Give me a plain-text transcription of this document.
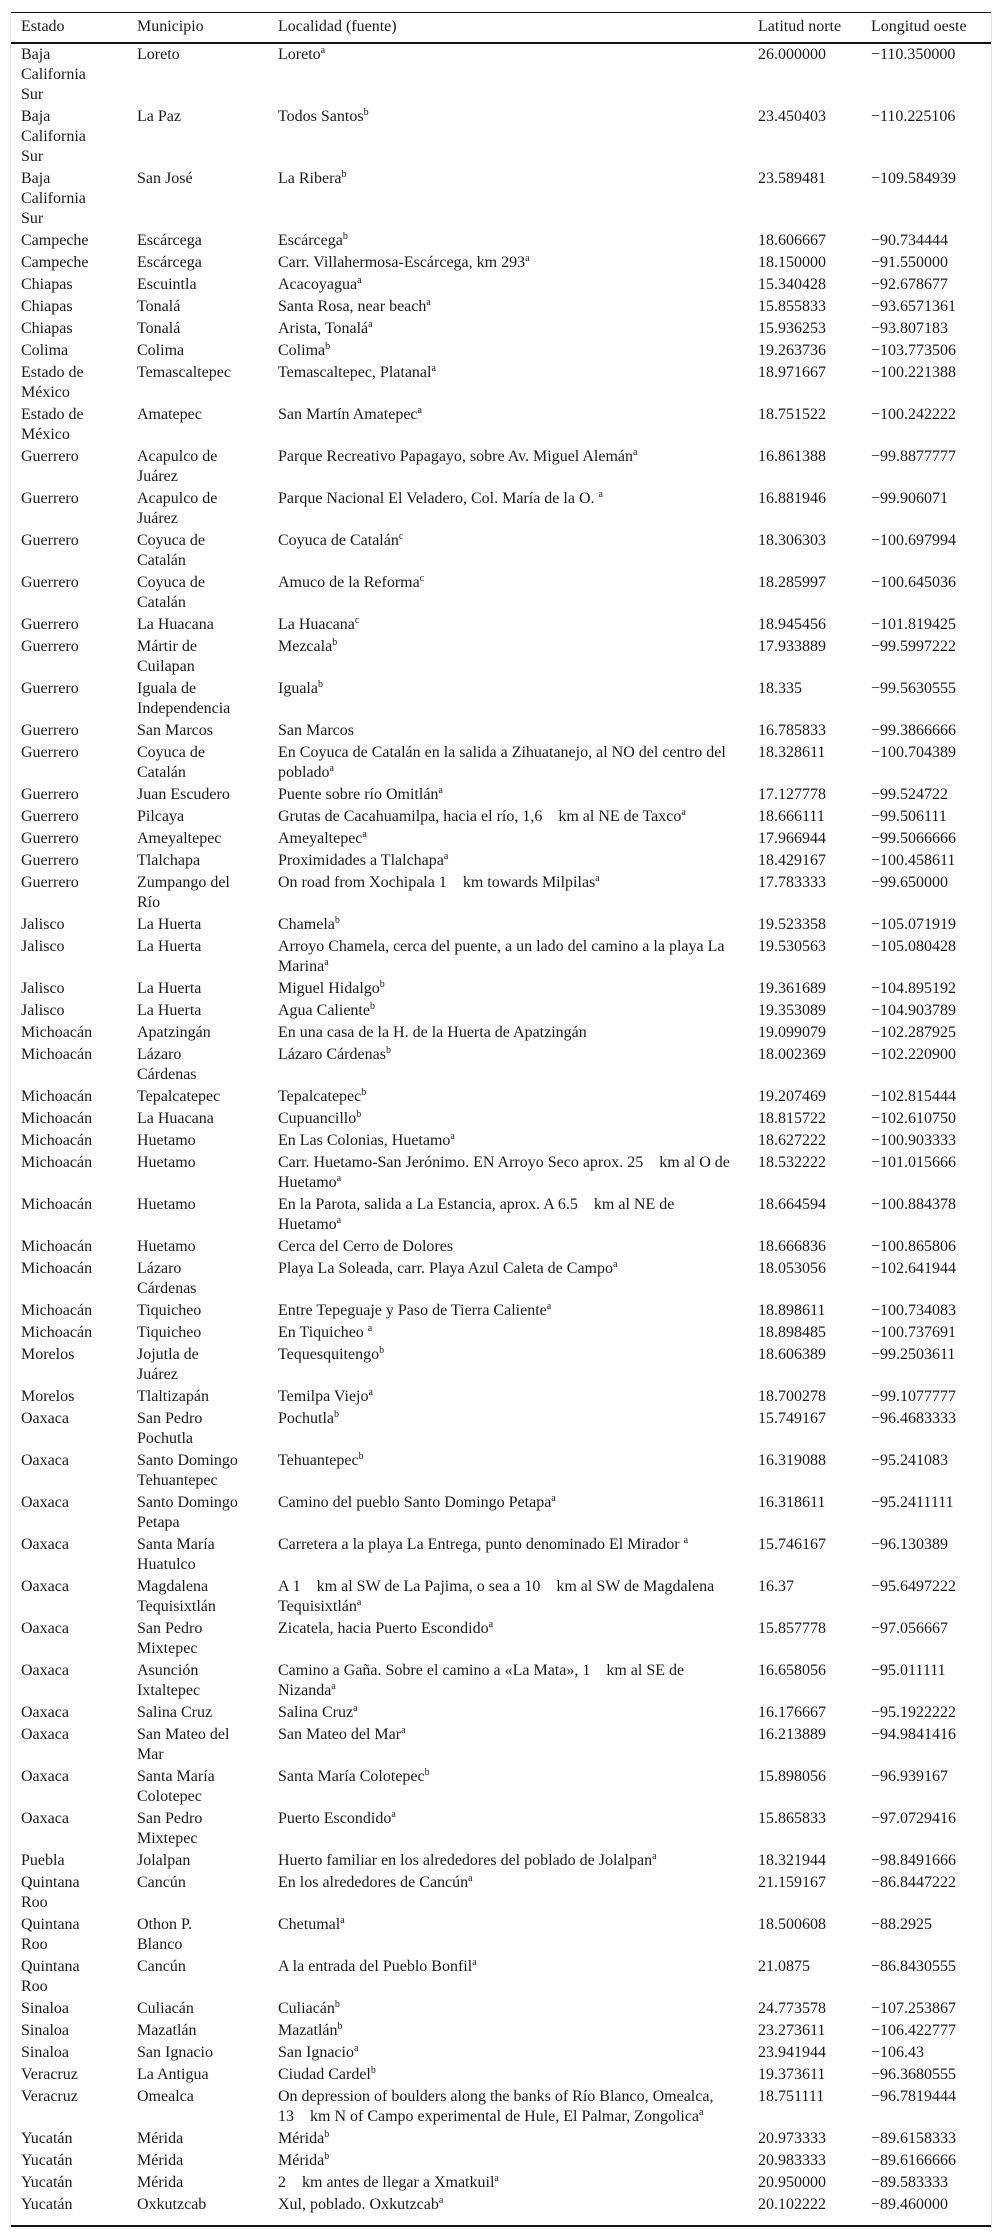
Estado	Municipio	Localidad (fuente)	Latitud norte	Longitud oeste
Baja California Sur	Loreto	Loreto$^a$	26.000000	−110.350000
Baja California Sur	La Paz	Todos Santos$^b$	23.450403	−110.225106
Baja California Sur	San José	La Ribera$^b$	23.589481	−109.584939
Campeche	Escárcega	Escárcega$^b$	18.606667	−90.734444
Campeche	Escárcega	Carr. Villahermosa-Escárcega, km 293$^a$	18.150000	−91.550000
Chiapas	Escuintla	Acacoyagua$^a$	15.340428	−92.678677
Chiapas	Tonalá	Santa Rosa, near beach$^a$	15.855833	−93.6571361
Chiapas	Tonalá	Arista, Tonalá$^a$	15.936253	−93.807183
Colima	Colima	Colima$^b$	19.263736	−103.773506
Estado de México	Temascaltepec	Temascaltepec, Platanal$^a$	18.971667	−100.221388
Estado de México	Amatepec	San Martín Amatepec$^a$	18.751522	−100.242222
Guerrero	Acapulco de Juárez	Parque Recreativo Papagayo, sobre Av. Miguel Alemán$^a$	16.861388	−99.8877777
Guerrero	Acapulco de Juárez	Parque Nacional El Veladero, Col. María de la O. $^a$	16.881946	−99.906071
Guerrero	Coyuca de Catalán	Coyuca de Catalán$^c$	18.306303	−100.697994
Guerrero	Coyuca de Catalán	Amuco de la Reforma$^c$	18.285997	−100.645036
Guerrero	La Huacana	La Huacana$^c$	18.945456	−101.819425
Guerrero	Mártir de Cuilapan	Mezcala$^b$	17.933889	−99.5997222
Guerrero	Iguala de Independencia	Iguala$^b$	18.335	−99.5630555
Guerrero	San Marcos	San Marcos	16.785833	−99.3866666
Guerrero	Coyuca de Catalán	En Coyuca de Catalán en la salida a Zihuatanejo, al NO del centro del poblado$^a$	18.328611	−100.704389
Guerrero	Juan Escudero	Puente sobre río Omitlán$^a$	17.127778	−99.524722
Guerrero	Pilcaya	Grutas de Cacahuamilpa, hacia el río, 1,6 km al NE de Taxco$^a$	18.666111	−99.506111
Guerrero	Ameyaltepec	Ameyaltepec$^a$	17.966944	−99.5066666
Guerrero	Tlalchapa	Proximidades a Tlalchapa$^a$	18.429167	−100.458611
Guerrero	Zumpango del Río	On road from Xochipala 1 km towards Milpilas$^a$	17.783333	−99.650000
Jalisco	La Huerta	Chamela$^b$	19.523358	−105.071919
Jalisco	La Huerta	Arroyo Chamela, cerca del puente, a un lado del camino a la playa La Marina$^a$	19.530563	−105.080428
Jalisco	La Huerta	Miguel Hidalgo$^b$	19.361689	−104.895192
Jalisco	La Huerta	Agua Caliente$^b$	19.353089	−104.903789
Michoacán	Apatzingán	En una casa de la H. de la Huerta de Apatzingán	19.099079	−102.287925
Michoacán	Lázaro Cárdenas	Lázaro Cárdenas$^b$	18.002369	−102.220900
Michoacán	Tepalcatepec	Tepalcatepec$^b$	19.207469	−102.815444
Michoacán	La Huacana	Cupuancillo$^b$	18.815722	−102.610750
Michoacán	Huetamo	En Las Colonias, Huetamo$^a$	18.627222	−100.903333
Michoacán	Huetamo	Carr. Huetamo-San Jerónimo. EN Arroyo Seco aprox. 25 km al O de Huetamo$^a$	18.532222	−101.015666
Michoacán	Huetamo	En la Parota, salida a La Estancia, aprox. A 6.5 km al NE de Huetamo$^a$	18.664594	−100.884378
Michoacán	Huetamo	Cerca del Cerro de Dolores	18.666836	−100.865806
Michoacán	Lázaro Cárdenas	Playa La Soleada, carr. Playa Azul Caleta de Campo$^a$	18.053056	−102.641944
Michoacán	Tiquicheo	Entre Tepeguaje y Paso de Tierra Caliente$^a$	18.898611	−100.734083
Michoacán	Tiquicheo	En Tiquicheo $^a$	18.898485	−100.737691
Morelos	Jojutla de Juárez	Tequesquitengo$^b$	18.606389	−99.2503611
Morelos	Tlaltizapán	Temilpa Viejo$^a$	18.700278	−99.1077777
Oaxaca	San Pedro Pochutla	Pochutla$^b$	15.749167	−96.4683333
Oaxaca	Santo Domingo Tehuantepec	Tehuantepec$^b$	16.319088	−95.241083
Oaxaca	Santo Domingo Petapa	Camino del pueblo Santo Domingo Petapa$^a$	16.318611	−95.2411111
Oaxaca	Santa María Huatulco	Carretera a la playa La Entrega, punto denominado El Mirador $^a$	15.746167	−96.130389
Oaxaca	Magdalena Tequisixtlán	A 1 km al SW de La Pajima, o sea a 10 km al SW de Magdalena Tequisixtlán$^a$	16.37	−95.6497222
Oaxaca	San Pedro Mixtepec	Zicatela, hacia Puerto Escondido$^a$	15.857778	−97.056667
Oaxaca	Asunción Ixtaltepec	Camino a Gaña. Sobre el camino a «La Mata», 1 km al SE de Nizanda$^a$	16.658056	−95.011111
Oaxaca	Salina Cruz	Salina Cruz$^a$	16.176667	−95.1922222
Oaxaca	San Mateo del Mar	San Mateo del Mar$^a$	16.213889	−94.9841416
Oaxaca	Santa María Colotepec	Santa María Colotepec$^b$	15.898056	−96.939167
Oaxaca	San Pedro Mixtepec	Puerto Escondido$^a$	15.865833	−97.0729416
Puebla	Jolalpan	Huerto familiar en los alrededores del poblado de Jolalpan$^a$	18.321944	−98.8491666
Quintana Roo	Cancún	En los alrededores de Cancún$^a$	21.159167	−86.8447222
Quintana Roo	Othon P. Blanco	Chetumal$^a$	18.500608	−88.2925
Quintana Roo	Cancún	A la entrada del Pueblo Bonfil$^a$	21.0875	−86.8430555
Sinaloa	Culiacán	Culiacán$^b$	24.773578	−107.253867
Sinaloa	Mazatlán	Mazatlán$^b$	23.273611	−106.422777
Sinaloa	San Ignacio	San Ignacio$^a$	23.941944	−106.43
Veracruz	La Antigua	Ciudad Cardel$^b$	19.373611	−96.3680555
Veracruz	Omealca	On depression of boulders along the banks of Río Blanco, Omealca, 13 km N of Campo experimental de Hule, El Palmar, Zongolica$^a$	18.751111	−96.7819444
Yucatán	Mérida	Mérida$^b$	20.973333	−89.6158333
Yucatán	Mérida	Mérida$^b$	20.983333	−89.6166666
Yucatán	Mérida	2 km antes de llegar a Xmatkuil$^a$	20.950000	−89.583333
Yucatán	Oxkutzcab	Xul, poblado. Oxkutzcab$^a$	20.102222	−89.460000
